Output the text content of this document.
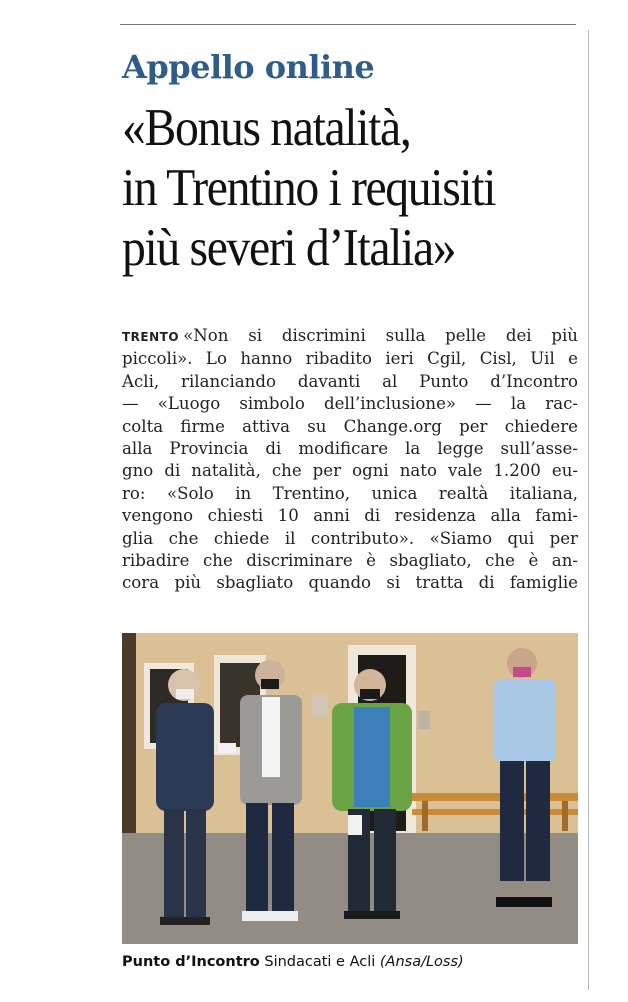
Appello online
«Bonus natalità,
in Trentino i requisiti
più severi d’Italia»
TRENTO «Non si discrimini sulla pelle dei più
piccoli». Lo hanno ribadito ieri Cgil, Cisl, Uil e
Acli, rilanciando davanti al Punto d’Incontro
— «Luogo simbolo dell’inclusione» — la rac-
colta firme attiva su Change.org per chiedere
alla Provincia di modificare la legge sull’asse-
gno di natalità, che per ogni nato vale 1.200 eu-
ro: «Solo in Trentino, unica realtà italiana,
vengono chiesti 10 anni di residenza alla fami-
glia che chiede il contributo». «Siamo qui per
ribadire che discriminare è sbagliato, che è an-
cora più sbagliato quando si tratta di famiglie
Punto d’Incontro Sindacati e Acli (Ansa/Loss)
